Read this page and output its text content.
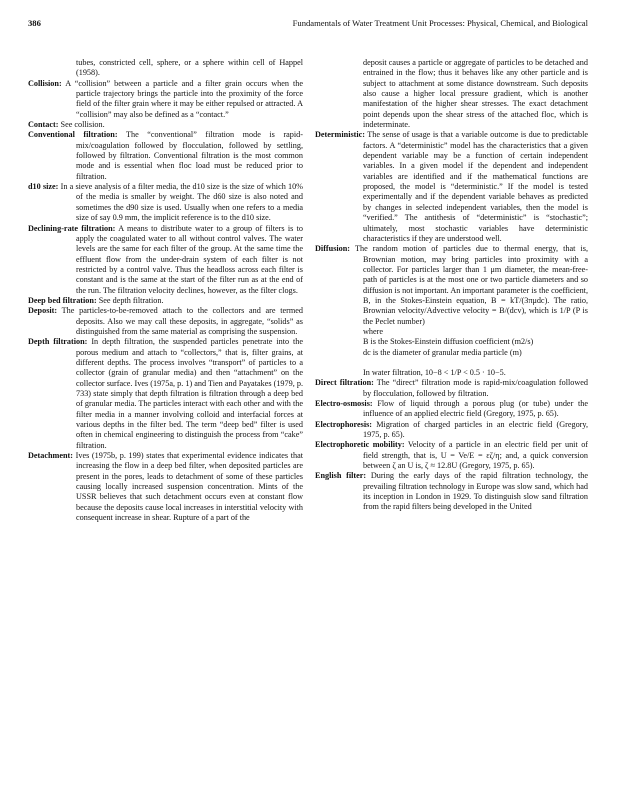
386	Fundamentals of Water Treatment Unit Processes: Physical, Chemical, and Biological

tubes, constricted cell, sphere, or a sphere within cell of Happel (1958).

Collision: A “collision” between a particle and a filter grain occurs when the particle trajectory brings the particle into the proximity of the force field of the filter grain where it may be either repulsed or attracted. A “collision” may also be defined as a “contact.”

Contact: See collision.

Conventional filtration: The “conventional” filtration mode is rapid-mix/coagulation followed by flocculation, followed by settling, followed by filtration. Conventional filtration is the most common mode and is essential when floc load must be reduced prior to filtration.

d10 size: In a sieve analysis of a filter media, the d10 size is the size of which 10% of the media is smaller by weight. The d60 size is also noted and sometimes the d90 size is used. Usually when one refers to a media size of say 0.9 mm, the implicit reference is to the d10 size.

Declining-rate filtration: A means to distribute water to a group of filters is to apply the coagulated water to all without control valves. The water levels are the same for each filter of the group. At the same time the effluent flow from the under-drain system of each filter is not restricted by a control valve. Thus the headloss across each filter is constant and is the same at the start of the filter run as at the end of the run. The filtration velocity declines, however, as the filter clogs.

Deep bed filtration: See depth filtration.

Deposit: The particles-to-be-removed attach to the collectors and are termed deposits. Also we may call these deposits, in aggregate, “solids” as distinguished from the same material as comprising the suspension.

Depth filtration: In depth filtration, the suspended particles penetrate into the porous medium and attach to “collectors,” that is, filter grains, at different depths. The process involves “transport” of particles to a collector (grain of granular media) and then “attachment” on the collector surface. Ives (1975a, p. 1) and Tien and Payatakes (1979, p. 733) state simply that depth filtration is filtration through a deep bed of granular media. The particles interact with each other and with the filter media in a manner involving colloid and interfacial forces at various depths in the filter bed. The term “deep bed” filter is used often in chemical engineering to distinguish the process from “cake” filtration.

Detachment: Ives (1975b, p. 199) states that experimental evidence indicates that increasing the flow in a deep bed filter, when deposited particles are present in the pores, leads to detachment of some of these particles causing locally increased suspension concentration. Mints of the USSR believes that such detachment occurs even at constant flow because the deposits cause local increases in interstitial velocity with consequent increase in shear. Rupture of a part of the

deposit causes a particle or aggregate of particles to be detached and entrained in the flow; thus it behaves like any other particle and is subject to attachment at some distance downstream. Such deposits also cause a higher local pressure gradient, which is another manifestation of the higher shear stresses. The exact detachment point depends upon the shear stress of the attached floc, which is indeterminate.

Deterministic: The sense of usage is that a variable outcome is due to predictable factors. A “deterministic” model has the characteristics that a given dependent variable may be a function of certain independent variables. In a given model if the dependent and independent variables are identified and if the mathematical functions are proposed, the model is “deterministic.” If the model is tested experimentally and if the dependent variable behaves as predicted by changes in selected independent variables, then the model is “verified.” The antithesis of “deterministic” is “stochastic”; ultimately, most stochastic variables have deterministic characteristics if they are understood well.

Diffusion: The random motion of particles due to thermal energy, that is, Brownian motion, may bring particles into proximity with a collector. For particles larger than 1 μm diameter, the mean-free-path of particles is at the most one or two particle diameters and so diffusion is not important. An important parameter is the coefficient, B, in the Stokes-Einstein equation, B = kT/(3πμdc). The ratio, Brownian velocity/Advective velocity = B/(dcv), which is 1/P (P is the Peclet number)

where

B is the Stokes-Einstein diffusion coefficient (m2/s)

dc is the diameter of granular media particle (m)

In water filtration, 10−8 < 1/P < 0.5 · 10−5.

Direct filtration: The “direct” filtration mode is rapid-mix/coagulation followed by flocculation, followed by filtration.

Electro-osmosis: Flow of liquid through a porous plug (or tube) under the influence of an applied electric field (Gregory, 1975, p. 65).

Electrophoresis: Migration of charged particles in an electric field (Gregory, 1975, p. 65).

Electrophoretic mobility: Velocity of a particle in an electric field per unit of field strength, that is, U = Ve/E = εζ/η; and, a quick conversion between ζ an U is, ζ ≈ 12.8U (Gregory, 1975, p. 65).

English filter: During the early days of the rapid filtration technology, the prevailing filtration technology in Europe was slow sand, which had its inception in London in 1929. To distinguish slow sand filtration from the rapid filters being developed in the United
